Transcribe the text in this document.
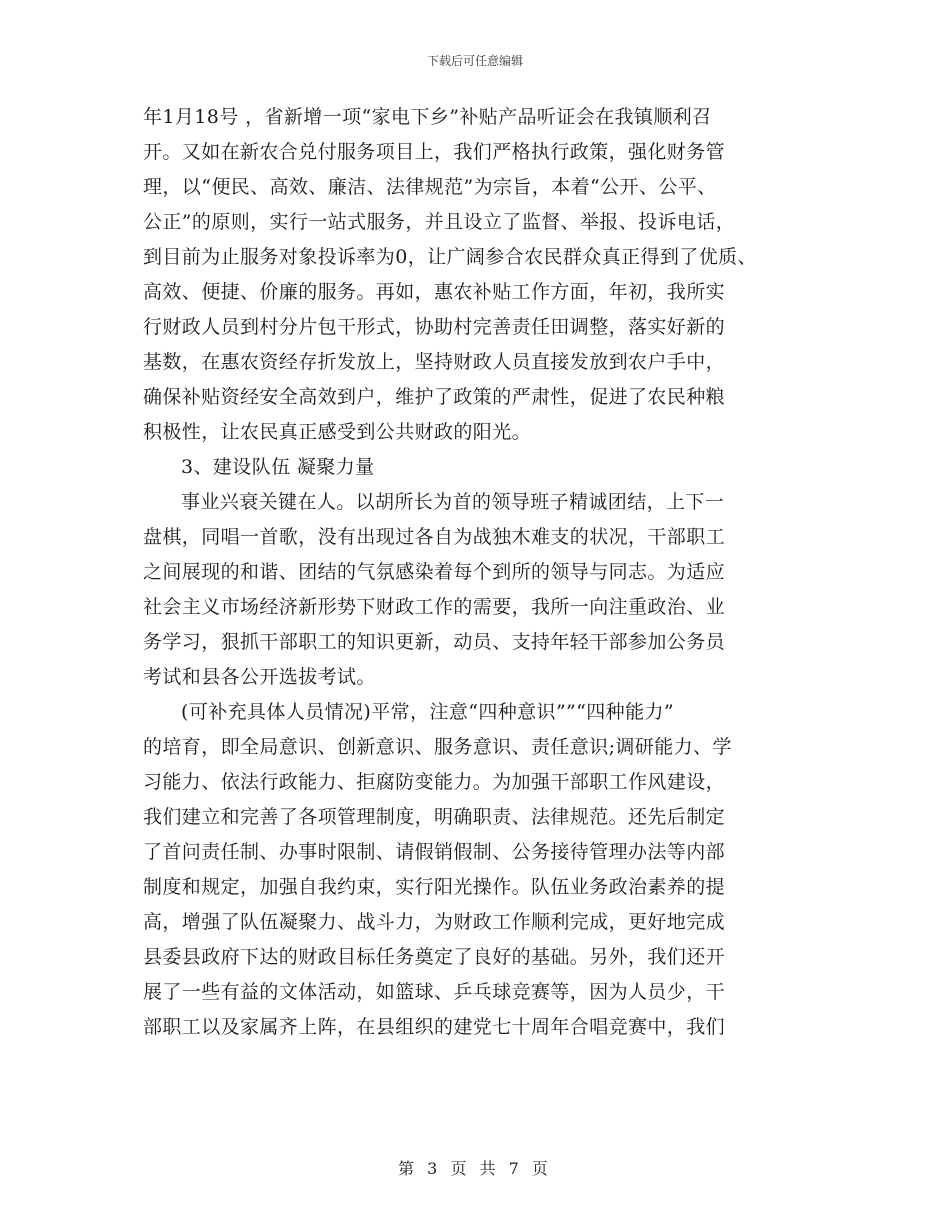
下载后可任意编辑
年1月18号 ，省新增一项“家电下乡”补贴产品听证会在我镇顺利召
开。又如在新农合兑付服务项目上，我们严格执行政策，强化财务管
理，以“便民、高效、廉洁、法律规范”为宗旨，本着“公开、公平、
公正”的原则，实行一站式服务，并且设立了监督、举报、投诉电话，
到目前为止服务对象投诉率为0，让广阔参合农民群众真正得到了优质、
高效、便捷、价廉的服务。再如，惠农补贴工作方面，年初，我所实
行财政人员到村分片包干形式，协助村完善责任田调整，落实好新的
基数，在惠农资经存折发放上，坚持财政人员直接发放到农户手中，
确保补贴资经安全高效到户，维护了政策的严肃性，促进了农民种粮
积极性，让农民真正感受到公共财政的阳光。
3、建设队伍 凝聚力量
事业兴衰关键在人。以胡所长为首的领导班子精诚团结，上下一
盘棋，同唱一首歌，没有出现过各自为战独木难支的状况，干部职工
之间展现的和谐、团结的气氛感染着每个到所的领导与同志。为适应
社会主义市场经济新形势下财政工作的需要，我所一向注重政治、业
务学习，狠抓干部职工的知识更新，动员、支持年轻干部参加公务员
考试和县各公开选拔考试。
(可补充具体人员情况)平常，注意“四种意识””“四种能力”
的培育，即全局意识、创新意识、服务意识、责任意识;调研能力、学
习能力、依法行政能力、拒腐防变能力。为加强干部职工作风建设，
我们建立和完善了各项管理制度，明确职责、法律规范。还先后制定
了首问责任制、办事时限制、请假销假制、公务接待管理办法等内部
制度和规定，加强自我约束，实行阳光操作。队伍业务政治素养的提
高，增强了队伍凝聚力、战斗力，为财政工作顺利完成，更好地完成
县委县政府下达的财政目标任务奠定了良好的基础。另外，我们还开
展了一些有益的文体活动，如篮球、乒乓球竞赛等，因为人员少，干
部职工以及家属齐上阵，在县组织的建党七十周年合唱竞赛中，我们
第 3 页 共 7 页
